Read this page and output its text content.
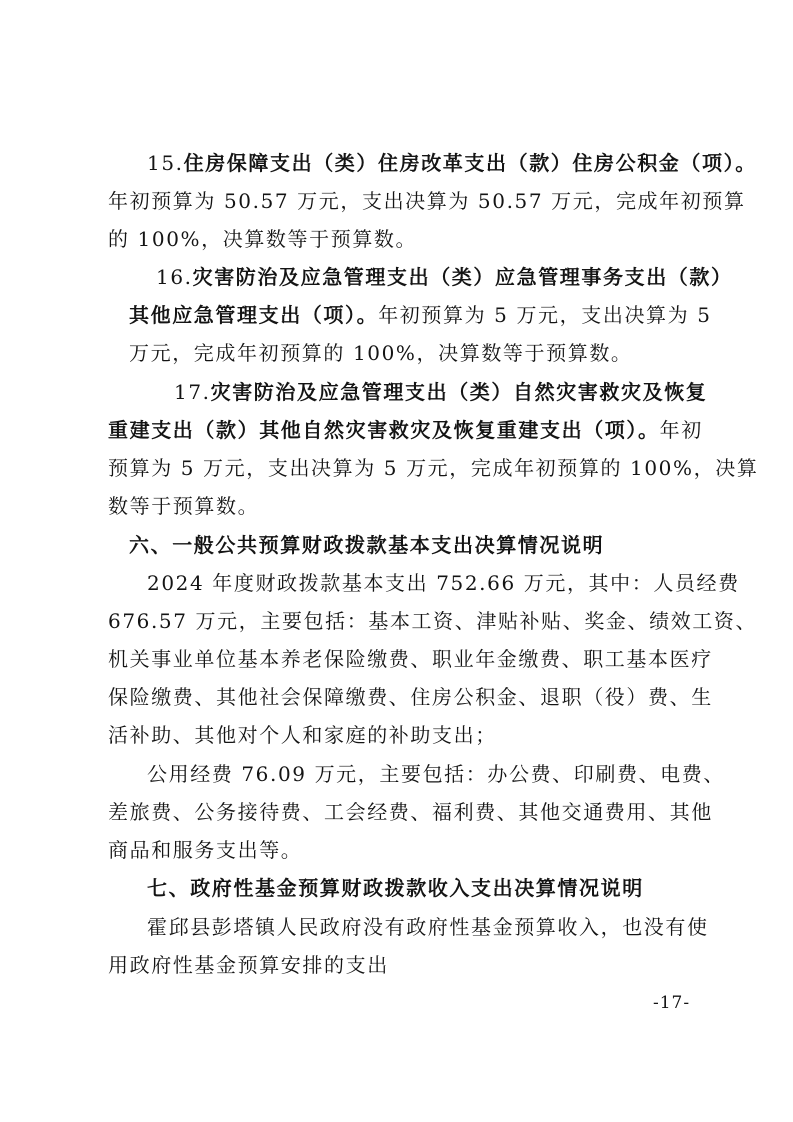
15.住房保障支出（类）住房改革支出（款）住房公积金（项）。
年初预算为 50.57 万元，支出决算为 50.57 万元，完成年初预算
的 100%，决算数等于预算数。
16.灾害防治及应急管理支出（类）应急管理事务支出（款）
其他应急管理支出（项）。年初预算为 5 万元，支出决算为 5
万元，完成年初预算的 100%，决算数等于预算数。
17.灾害防治及应急管理支出（类）自然灾害救灾及恢复
重建支出（款）其他自然灾害救灾及恢复重建支出（项）。年初
预算为 5 万元，支出决算为 5 万元，完成年初预算的 100%，决算
数等于预算数。
六、一般公共预算财政拨款基本支出决算情况说明
2024 年度财政拨款基本支出 752.66 万元，其中：人员经费
676.57 万元，主要包括：基本工资、津贴补贴、奖金、绩效工资、
机关事业单位基本养老保险缴费、职业年金缴费、职工基本医疗
保险缴费、其他社会保障缴费、住房公积金、退职（役）费、生
活补助、其他对个人和家庭的补助支出；
公用经费 76.09 万元，主要包括：办公费、印刷费、电费、
差旅费、公务接待费、工会经费、福利费、其他交通费用、其他
商品和服务支出等。
七、政府性基金预算财政拨款收入支出决算情况说明
霍邱县彭塔镇人民政府没有政府性基金预算收入，也没有使
用政府性基金预算安排的支出
-17-
